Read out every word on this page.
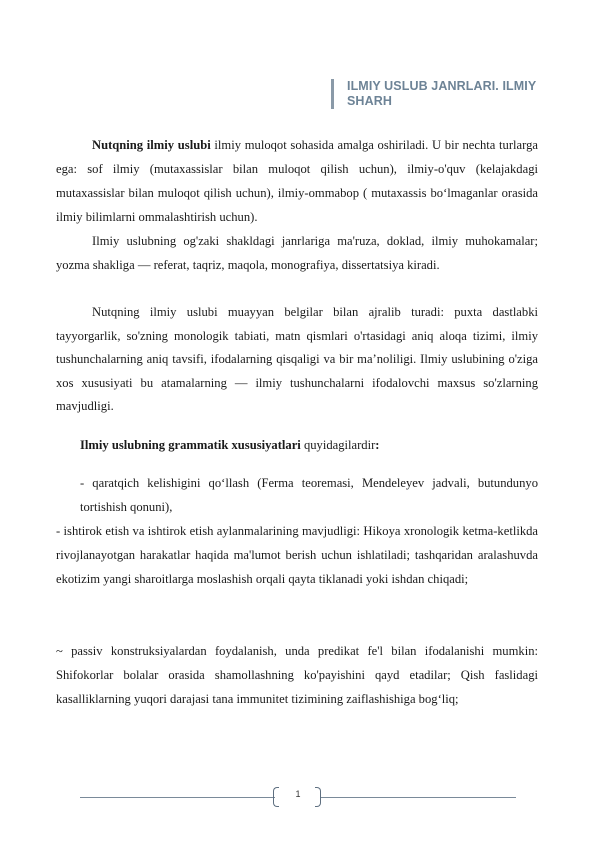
ILMIY USLUB JANRLARI. ILMIY SHARH
Nutqning ilmiy uslubi ilmiy muloqot sohasida amalga oshiriladi. U bir nechta turlarga ega: sof ilmiy (mutaxassislar bilan muloqot qilish uchun), ilmiy-o'quv (kelajakdagi mutaxassislar bilan muloqot qilish uchun), ilmiy-ommabop ( mutaxassis bo‘lmaganlar orasida ilmiy bilimlarni ommalashtirish uchun).
Ilmiy uslubning og'zaki shakldagi janrlariga ma'ruza, doklad, ilmiy muhokamalar; yozma shakliga — referat, taqriz, maqola, monografiya, dissertatsiya kiradi.
Nutqning ilmiy uslubi muayyan belgilar bilan ajralib turadi: puxta dastlabki tayyorgarlik, so'zning monologik tabiati, matn qismlari o'rtasidagi aniq aloqa tizimi, ilmiy tushunchalarning aniq tavsifi, ifodalarning qisqaligi va bir ma’noliligi. Ilmiy uslubining o'ziga xos xususiyati bu atamalarning — ilmiy tushunchalarni ifodalovchi maxsus so'zlarning mavjudligi.
Ilmiy uslubning grammatik xususiyatlari quyidagilardir:
- qaratqich kelishigini qo‘llash (Ferma teoremasi, Mendeleyev jadvali, butundunyo tortishish qonuni),
- ishtirok etish va ishtirok etish aylanmalarining mavjudligi: Hikoya xronologik ketma-ketlikda rivojlanayotgan harakatlar haqida ma'lumot berish uchun ishlatiladi; tashqaridan aralashuvda ekotizim yangi sharoitlarga moslashish orqali qayta tiklanadi yoki ishdan chiqadi;
~ passiv konstruksiyalardan foydalanish, unda predikat fe'l bilan ifodalanishi mumkin: Shifokorlar bolalar orasida shamollashning ko'payishini qayd etadilar; Qish faslidagi kasalliklarning yuqori darajasi tana immunitet tizimining zaiflashishiga bog‘liq;
1
